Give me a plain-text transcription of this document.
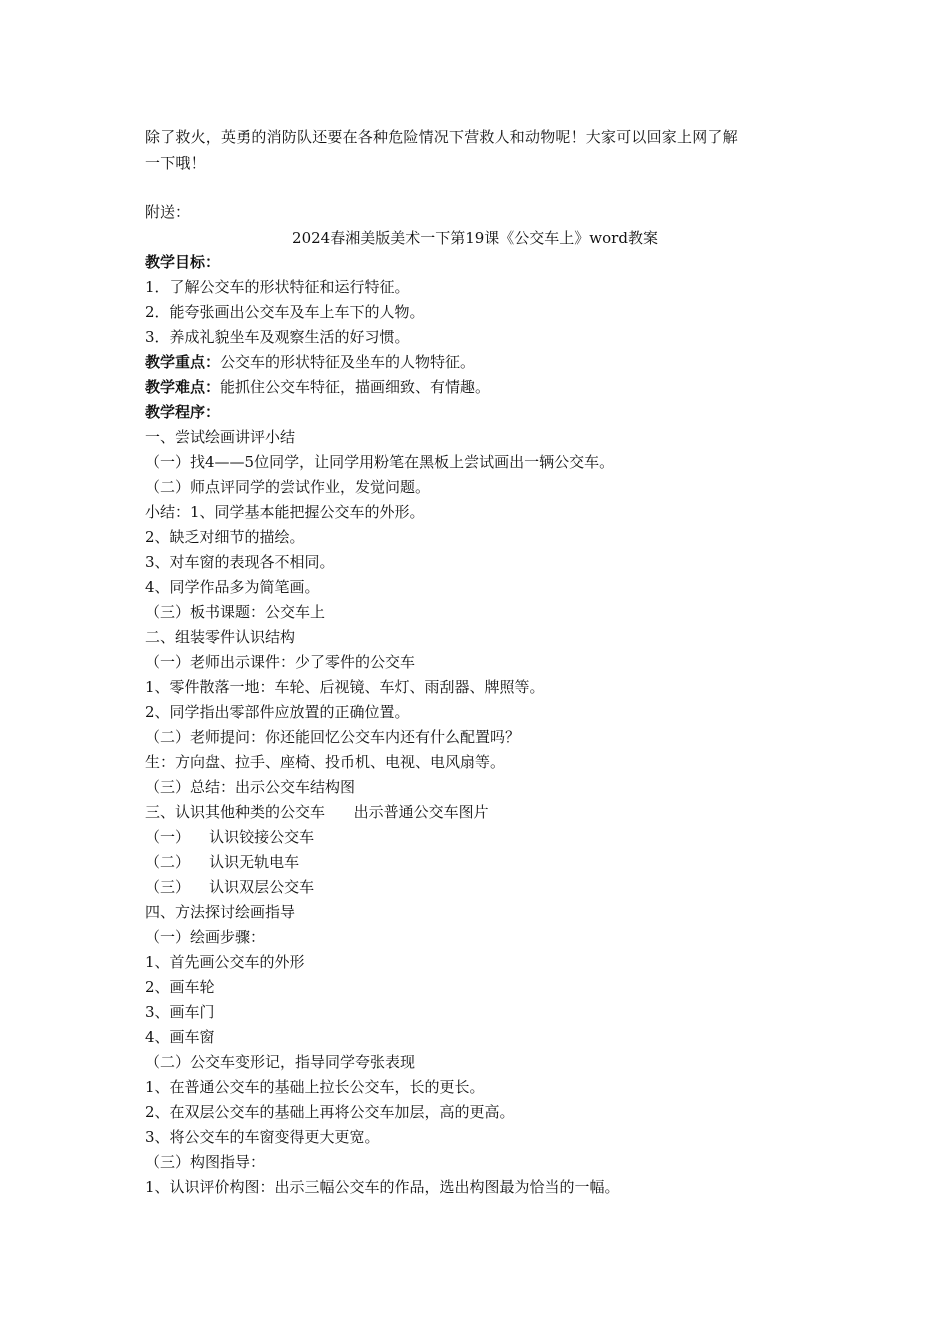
除了救火，英勇的消防队还要在各种危险情况下营救人和动物呢！大家可以回家上网了解
一下哦！
附送：
2024春湘美版美术一下第19课《公交车上》word教案
教学目标：
1．了解公交车的形状特征和运行特征。
2．能夸张画出公交车及车上车下的人物。
3．养成礼貌坐车及观察生活的好习惯。
教学重点：公交车的形状特征及坐车的人物特征。
教学难点：能抓住公交车特征，描画细致、有情趣。
教学程序：
一、尝试绘画讲评小结
（一）找4——5位同学，让同学用粉笔在黑板上尝试画出一辆公交车。
（二）师点评同学的尝试作业，发觉问题。
小结：1、同学基本能把握公交车的外形。
2、缺乏对细节的描绘。
3、对车窗的表现各不相同。
4、同学作品多为简笔画。
（三）板书课题：公交车上
二、组装零件认识结构
（一）老师出示课件：少了零件的公交车
1、零件散落一地：车轮、后视镜、车灯、雨刮器、牌照等。
2、同学指出零部件应放置的正确位置。
（二）老师提问：你还能回忆公交车内还有什么配置吗？
生：方向盘、拉手、座椅、投币机、电视、电风扇等。
（三）总结：出示公交车结构图
三、认识其他种类的公交车      出示普通公交车图片
（一）    认识铰接公交车
（二）    认识无轨电车
（三）    认识双层公交车
四、方法探讨绘画指导
（一）绘画步骤：
1、首先画公交车的外形
2、画车轮
3、画车门
4、画车窗
（二）公交车变形记，指导同学夸张表现
1、在普通公交车的基础上拉长公交车，长的更长。
2、在双层公交车的基础上再将公交车加层，高的更高。
3、将公交车的车窗变得更大更宽。
（三）构图指导：
1、认识评价构图：出示三幅公交车的作品，选出构图最为恰当的一幅。
